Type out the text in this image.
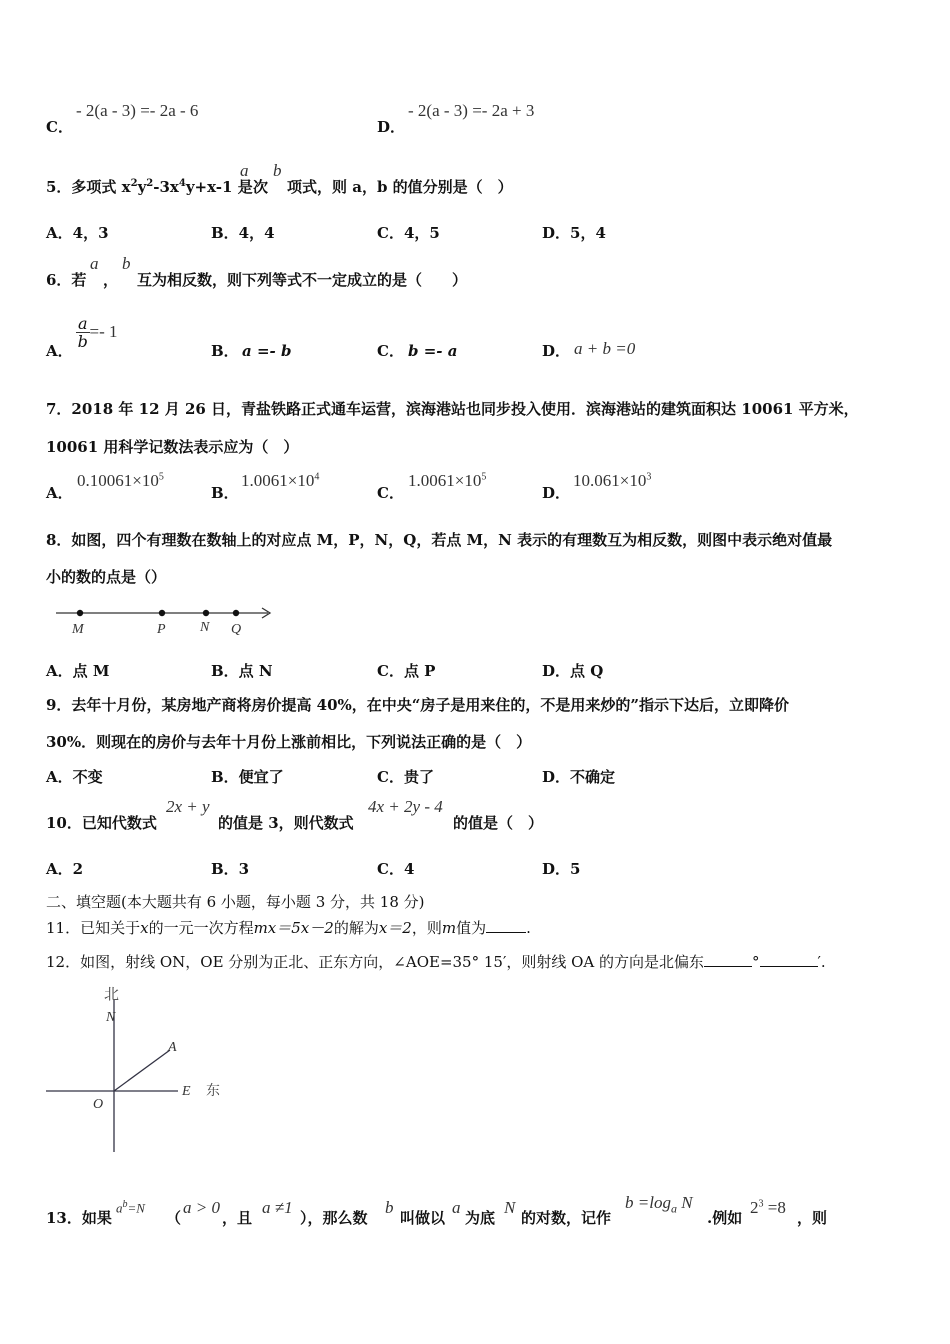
C．
- 2(a - 3) =- 2a - 6
D．
- 2(a - 3) =- 2a + 3
5．多项式 $x^2y^2-3x^4y+x-1$ 是
a
次
b
项式，则 a，b 的值分别是（　）
A．4，3	B．4，4	C．4，5	D．5，4
6．若
a
，
b
互为相反数，则下列等式不一定成立的是（　　）
A．
$\frac{a}{b} =- 1$
B． a =- b	C． b =- a	D． a + b =0
7．2018 年 12 月 26 日，青盐铁路正式通车运营，滨海港站也同步投入使用．滨海港站的建筑面积达 10061 平方米，
10061 用科学记数法表示应为（　）
A．
$0.10061\times 10^5$
B．
$1.0061\times 10^4$
C．
$1.0061\times 10^5$
D．
$10.061\times 10^3$
8．如图，四个有理数在数轴上的对应点 M，P，N，Q，若点 M，N 表示的有理数互为相反数，则图中表示绝对值最
小的数的点是（）
M	P N Q
A．点 M	B．点 N	C．点 P	D．点 Q
9．去年十月份，某房地产商将房价提高 40%，在中央“房子是用来住的，不是用来炒的”指示下达后，立即降价
30%．则现在的房价与去年十月份上涨前相比，下列说法正确的是（　）
A．不变	B．便宜了	C．贵了	D．不确定
10．已知代数式
2x + y
的值是 3，则代数式
4x + 2y - 4
的值是（　）
A．2	B．3	C．4	D．5
二、填空题(本大题共有 6 小题，每小题 3 分，共 18 分)
11．已知关于x的一元一次方程mx＝5x－2的解为x＝2，则m值为	.
12．如图，射线 ON，OE 分别为正北、正东方向，∠AOE=35° 15′，则射线 OA 的方向是北偏东	°	′.
北
N
A
O
E 东
13．如果
$a^b=N$
（
a > 0
，且
a ≠1
），那么数
b
叫做以
a
为底
N
的对数，记作
$b =\log_a$ N
.例如
$2^3 =8$
，则
